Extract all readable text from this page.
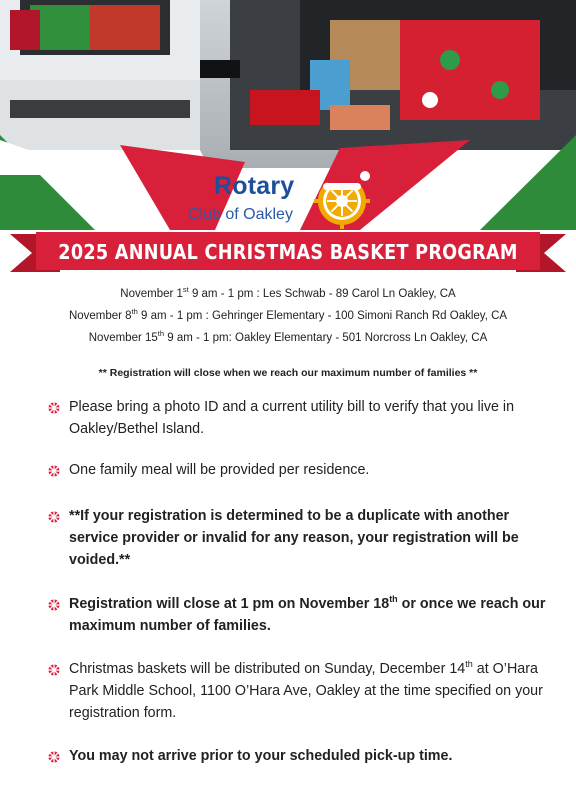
Rotary
Club of Oakley
2025 ANNUAL CHRISTMAS BASKET PROGRAM
November 1st 9 am - 1 pm : Les Schwab - 89 Carol Ln Oakley, CA
November 8th 9 am - 1 pm : Gehringer Elementary - 100 Simoni Ranch Rd Oakley, CA
November 15th 9 am - 1 pm: Oakley Elementary - 501 Norcross Ln Oakley, CA
** Registration will close when we reach our maximum number of families **
Please bring a photo ID and a current utility bill to verify that you live in Oakley/Bethel Island.
One family meal will be provided per residence.
**If your registration is determined to be a duplicate with another service provider or invalid for any reason, your registration will be voided.**
Registration will close at 1 pm on November 18th or once we reach our maximum number of families.
Christmas baskets will be distributed on Sunday, December 14th at O’Hara Park Middle School, 1100 O’Hara Ave, Oakley at the time specified on your registration form.
You may not arrive prior to your scheduled pick-up time.
